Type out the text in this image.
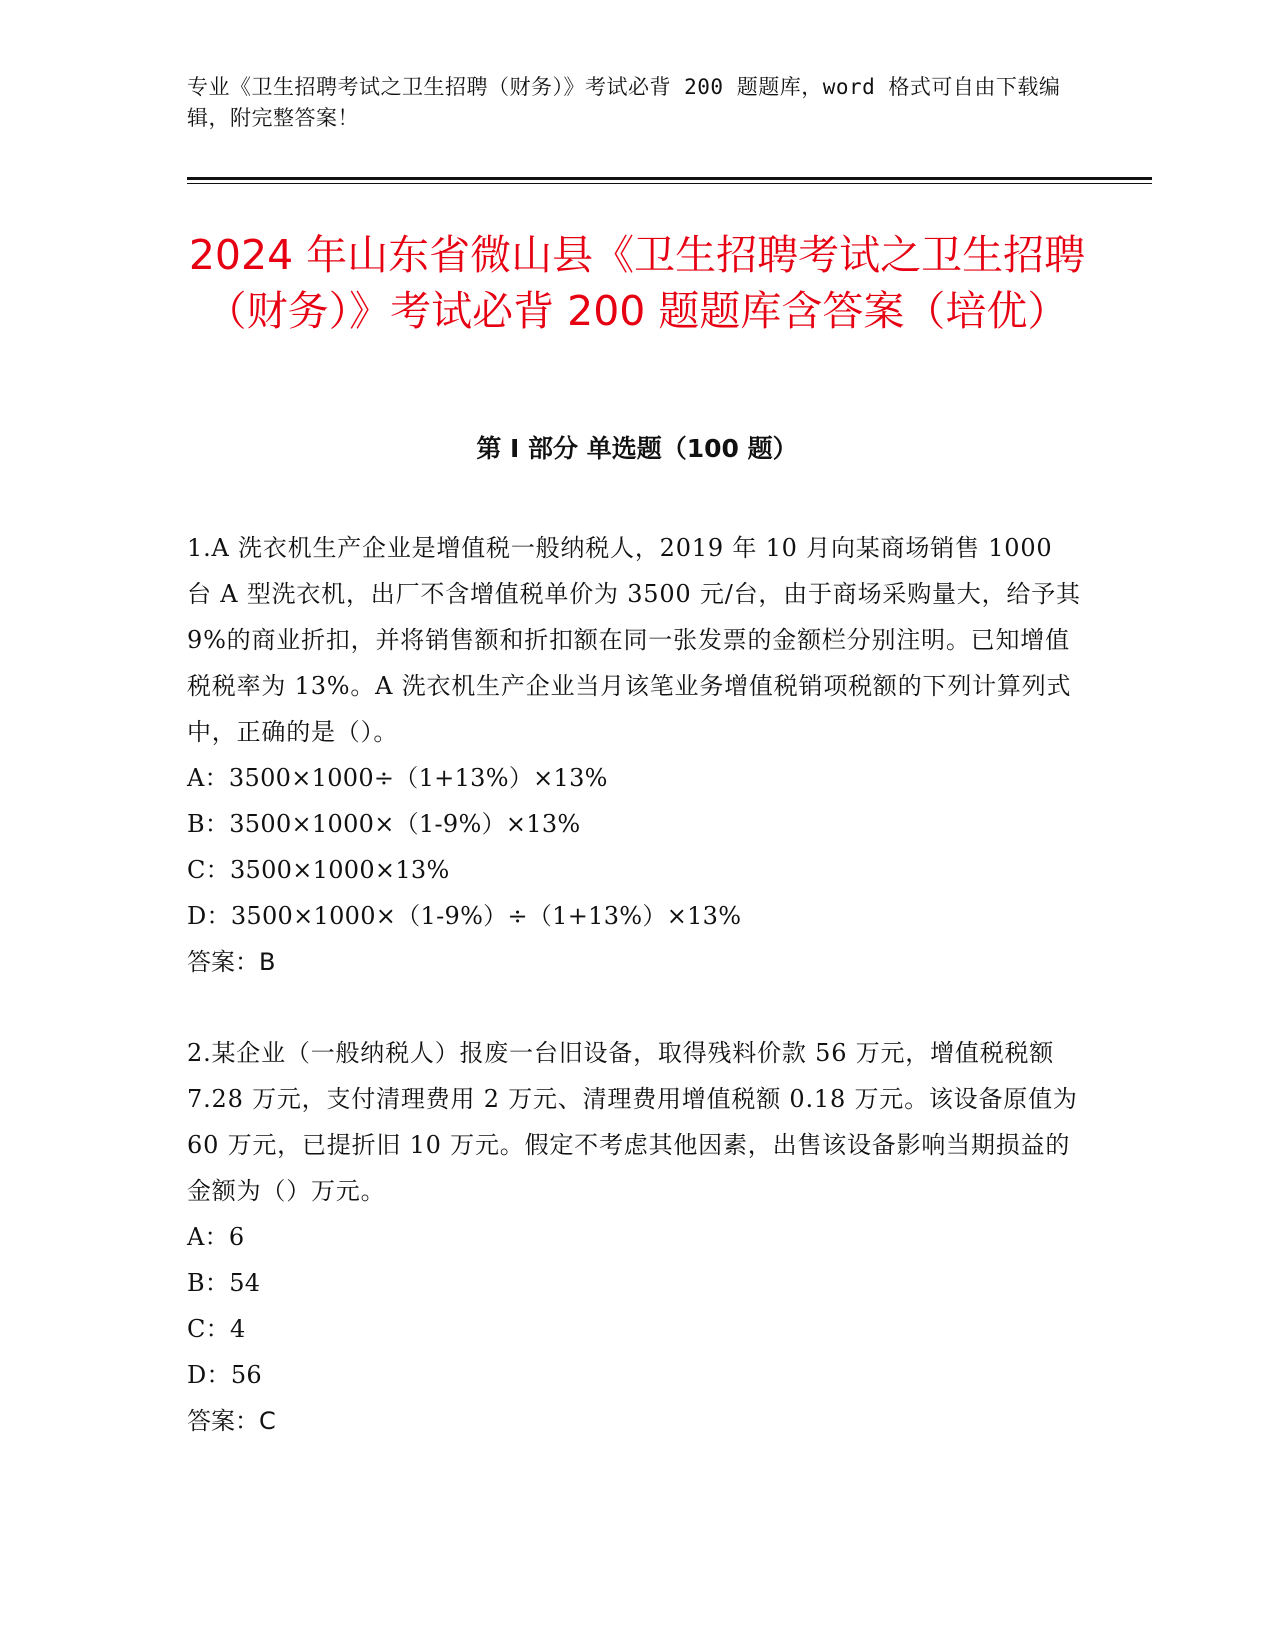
专业《卫生招聘考试之卫生招聘（财务）》考试必背 200 题题库，word 格式可自由下载编辑，附完整答案！
2024 年山东省微山县《卫生招聘考试之卫生招聘（财务）》考试必背 200 题题库含答案（培优）
第 I 部分 单选题（100 题）
1.A 洗衣机生产企业是增值税一般纳税人，2019 年 10 月向某商场销售 1000 台 A 型洗衣机，出厂不含增值税单价为 3500 元/台，由于商场采购量大，给予其 9%的商业折扣，并将销售额和折扣额在同一张发票的金额栏分别注明。已知增值税税率为 13%。A 洗衣机生产企业当月该笔业务增值税销项税额的下列计算列式中，正确的是（）。
A：3500×1000÷（1+13%）×13%
B：3500×1000×（1-9%）×13%
C：3500×1000×13%
D：3500×1000×（1-9%）÷（1+13%）×13%
答案：B
2.某企业（一般纳税人）报废一台旧设备，取得残料价款 56 万元，增值税税额 7.28 万元，支付清理费用 2 万元、清理费用增值税额 0.18 万元。该设备原值为 60 万元，已提折旧 10 万元。假定不考虑其他因素，出售该设备影响当期损益的金额为（）万元。
A：6
B：54
C：4
D：56
答案：C
